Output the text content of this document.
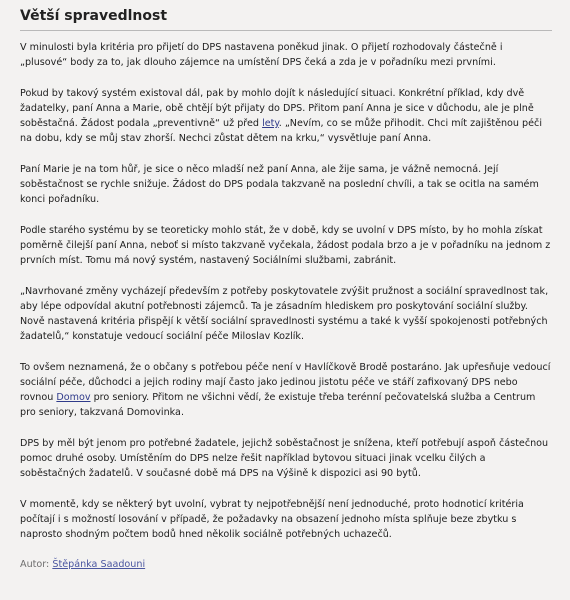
Větší spravedlnost

V minulosti byla kritéria pro přijetí do DPS nastavena poněkud jinak. O přijetí rozhodovaly částečně i „plusové“ body za to, jak dlouho zájemce na umístění DPS čeká a zda je v pořadníku mezi prvními.

Pokud by takový systém existoval dál, pak by mohlo dojít k následující situaci. Konkrétní příklad, kdy dvě žadatelky, paní Anna a Marie, obě chtějí být přijaty do DPS. Přitom paní Anna je sice v důchodu, ale je plně soběstačná. Žádost podala „preventivně“ už před lety. „Nevím, co se může přihodit. Chci mít zajištěnou péči na dobu, kdy se můj stav zhorší. Nechci zůstat dětem na krku,“ vysvětluje paní Anna.

Paní Marie je na tom hůř, je sice o něco mladší než paní Anna, ale žije sama, je vážně nemocná. Její soběstačnost se rychle snižuje. Žádost do DPS podala takzvaně na poslední chvíli, a tak se ocitla na samém konci pořadníku.

Podle starého systému by se teoreticky mohlo stát, že v době, kdy se uvolní v DPS místo, by ho mohla získat poměrně čilejší paní Anna, neboť si místo takzvaně vyčekala, žádost podala brzo a je v pořadníku na jednom z prvních míst. Tomu má nový systém, nastavený Sociálními službami, zabránit.

„Navrhované změny vycházejí především z potřeby poskytovatele zvýšit pružnost a sociální spravedlnost tak, aby lépe odpovídal akutní potřebnosti zájemců. Ta je zásadním hlediskem pro poskytování sociální služby. Nově nastavená kritéria přispějí k větší sociální spravedlnosti systému a také k vyšší spokojenosti potřebných žadatelů,“ konstatuje vedoucí sociální péče Miloslav Kozlík.

To ovšem neznamená, že o občany s potřebou péče není v Havlíčkově Brodě postaráno. Jak upřesňuje vedoucí sociální péče, důchodci a jejich rodiny mají často jako jedinou jistotu péče ve stáří zafixovaný DPS nebo rovnou Domov pro seniory. Přitom ne všichni vědí, že existuje třeba terénní pečovatelská služba a Centrum pro seniory, takzvaná Domovinka.

DPS by měl být jenom pro potřebné žadatele, jejichž soběstačnost je snížena, kteří potřebují aspoň částečnou pomoc druhé osoby. Umístěním do DPS nelze řešit například bytovou situaci jinak vcelku čilých a soběstačných žadatelů. V současné době má DPS na Výšině k dispozici asi 90 bytů.

V momentě, kdy se některý byt uvolní, vybrat ty nejpotřebnější není jednoduché, proto hodnoticí kritéria počítají i s možností losování v případě, že požadavky na obsazení jednoho místa splňuje beze zbytku s naprosto shodným počtem bodů hned několik sociálně potřebných uchazečů.

Autor: Štěpánka Saadouni
